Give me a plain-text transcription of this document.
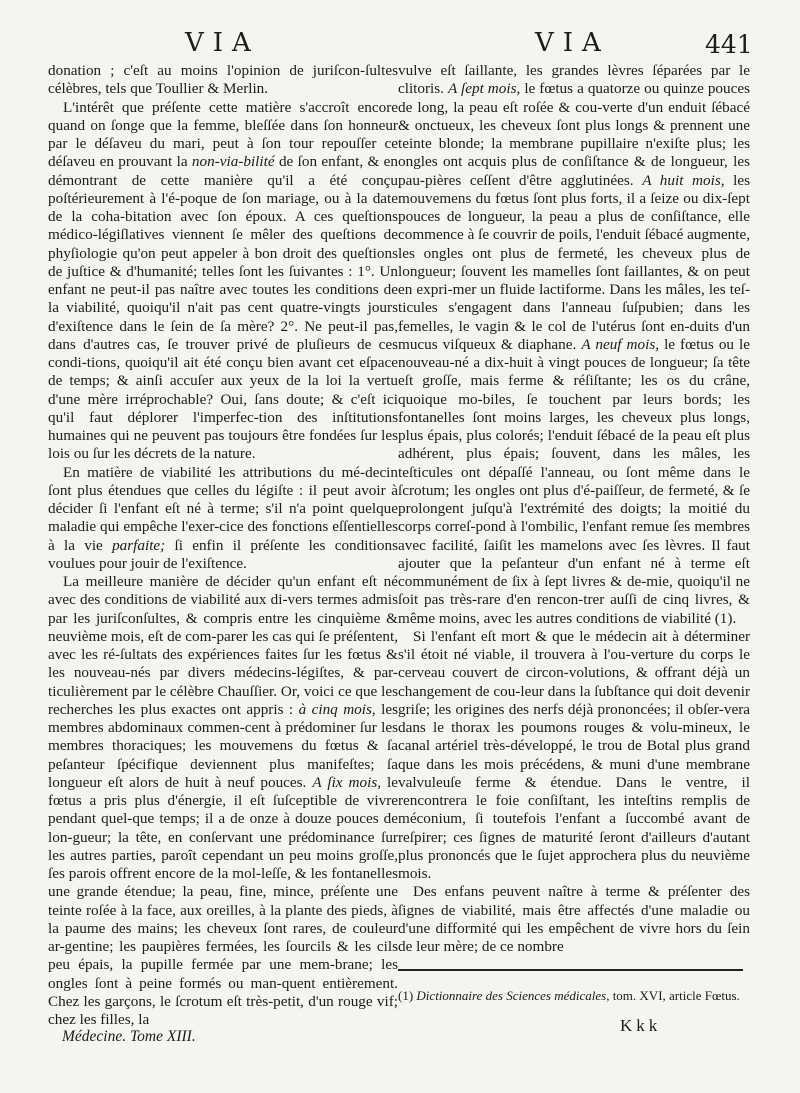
VIA	VIA	441

donation ; c'eſt au moins l'opinion de juriſcon-ſultes célèbres, tels que Toullier & Merlin.

L'intérêt que préſente cette matière s'accroît encore quand on ſonge que la femme, bleſſée dans ſon honneur par le déſaveu du mari, peut à ſon tour repouſſer ce déſaveu en prouvant la non-via-bilité de ſon enfant, & en démontrant de cette manière qu'il a été conçu poſtérieurement à l'é-poque de ſon mariage, ou à la date de la coha-bitation avec ſon époux. A ces queſtions médico-légiſlatives viennent ſe mêler des queſtions de phyſiologie qu'on peut appeler à bon droit des queſtions de juſtice & d'humanité; telles ſont les ſuivantes : 1°. Un enfant ne peut-il pas naître avec toutes les conditions de la viabilité, quoiqu'il n'ait pas cent quatre-vingts jours d'exiſtence dans le ſein de ſa mère? 2°. Ne peut-il pas, dans d'autres cas, ſe trouver privé de pluſieurs de ces condi-tions, quoiqu'il ait été conçu bien avant cet eſpace de temps; & ainſi accuſer aux yeux de la loi la vertu d'une mère irréprochable? Oui, ſans doute; & c'eſt ici qu'il faut déplorer l'imperfec-tion des inſtitutions humaines qui ne peuvent pas toujours être fondées ſur les lois ou ſur les décrets de la nature.

En matière de viabilité les attributions du mé-decin ſont plus étendues que celles du légiſte : il peut avoir à décider ſi l'enfant eſt né à terme; s'il n'a point quelque maladie qui empêche l'exer-cice des fonctions eſſentielles à la vie parfaite; ſi enfin il préſente les conditions voulues pour jouir de l'exiſtence.

La meilleure manière de décider qu'un enfant eſt né avec des conditions de viabilité aux di-vers termes admis par les juriſconſultes, & compris entre les cinquième & neuvième mois, eſt de com-parer les cas qui ſe préſentent, avec les ré-ſultats des expériences faites ſur les fœtus & les nouveau-nés par divers médecins-légiſtes, & par-ticulièrement par le célèbre Chauſſier. Or, voici ce que les recherches les plus exactes ont appris : à cinq mois, les membres abdominaux commen-cent à prédominer ſur les membres thoraciques; les mouvemens du fœtus & ſa peſanteur ſpécifique deviennent plus manifeſtes; ſa longueur eſt alors de huit à neuf pouces. A ſix mois, le fœtus a pris plus d'énergie, il eſt ſuſceptible de vivre pendant quel-que temps; il a de onze à douze pouces de lon-gueur; la tête, en conſervant une prédominance ſur les autres parties, paroît cependant un peu moins groſſe, ſes parois offrent encore de la mol-leſſe, & les fontanelles une grande étendue; la peau, fine, mince, préſente une teinte roſée à la face, aux oreilles, à la plante des pieds, à la paume des mains; les cheveux ſont rares, de couleur ar-gentine; les paupières fermées, les ſourcils & les cils peu épais, la pupille fermée par une mem-brane; les ongles ſont à peine formés ou man-quent entièrement. Chez les garçons, le ſcrotum eſt très-petit, d'un rouge vif; chez les filles, la

vulve eſt ſaillante, les grandes lèvres ſéparées par le clitoris. A ſept mois, le fœtus a quatorze ou quinze pouces de long, la peau eſt roſée & cou-verte d'un enduit ſébacé & onctueux, les cheveux ſont plus longs & prennent une teinte blonde; la membrane pupillaire n'exiſte plus; les ongles ont acquis plus de conſiſtance & de longueur, les pau-pières ceſſent d'être agglutinées. A huit mois, les mouvemens du fœtus ſont plus forts, il a ſeize ou dix-ſept pouces de longueur, la peau a plus de conſiſtance, elle commence à ſe couvrir de poils, l'enduit ſébacé augmente, les ongles ont plus de fermeté, les cheveux plus de longueur; ſouvent les mamelles ſont ſaillantes, & on peut en expri-mer un fluide lactiforme. Dans les mâles, les teſ-ticules s'engagent dans l'anneau ſuſpubien; dans les femelles, le vagin & le col de l'utérus ſont en-duits d'un mucus viſqueux & diaphane. A neuf mois, le fœtus ou le nouveau-né a dix-huit à vingt pouces de longueur; ſa tête eſt groſſe, mais ferme & réſiſtante; les os du crâne, quoique mo-biles, ſe touchent par leurs bords; les fontanelles ſont moins larges, les cheveux plus longs, plus épais, plus colorés; l'enduit ſébacé de la peau eſt plus adhérent, plus épais; ſouvent, dans les mâles, les teſticules ont dépaſſé l'anneau, ou ſont même dans le ſcrotum; les ongles ont plus d'é-paiſſeur, de fermeté, & ſe prolongent juſqu'à l'extrémité des doigts; la moitié du corps correſ-pond à l'ombilic, l'enfant remue ſes membres avec facilité, ſaiſit les mamelons avec ſes lèvres. Il faut ajouter que la peſanteur d'un enfant né à terme eſt communément de ſix à ſept livres & de-mie, quoiqu'il ne ſoit pas très-rare d'en rencon-trer auſſi de cinq livres, & même moins, avec les autres conditions de viabilité (1).

Si l'enfant eſt mort & que le médecin ait à déterminer s'il étoit né viable, il trouvera à l'ou-verture du corps le cerveau couvert de circon-volutions, & offrant déjà un changement de cou-leur dans la ſubſtance qui doit devenir griſe; les origines des nerfs déjà prononcées; il obſer-vera dans le thorax les poumons rouges & volu-mineux, le canal artériel très-développé, le trou de Botal plus grand que dans les mois précédens, & muni d'une membrane valvuleuſe ferme & étendue. Dans le ventre, il rencontrera le foie conſiſtant, les inteſtins remplis de méconium, ſi toutefois l'enfant a ſuccombé avant de reſpirer; ces ſignes de maturité ſeront d'ailleurs d'autant plus prononcés que le ſujet approchera plus du neuvième mois.

Des enfans peuvent naître à terme & préſenter des ſignes de viabilité, mais être affectés d'une maladie ou d'une difformité qui les empêchent de vivre hors du ſein de leur mère; de ce nombre

(1) Dictionnaire des Sciences médicales, tom. XVI, article Fœtus.
Médecine. Tome XIII.
Kkk
